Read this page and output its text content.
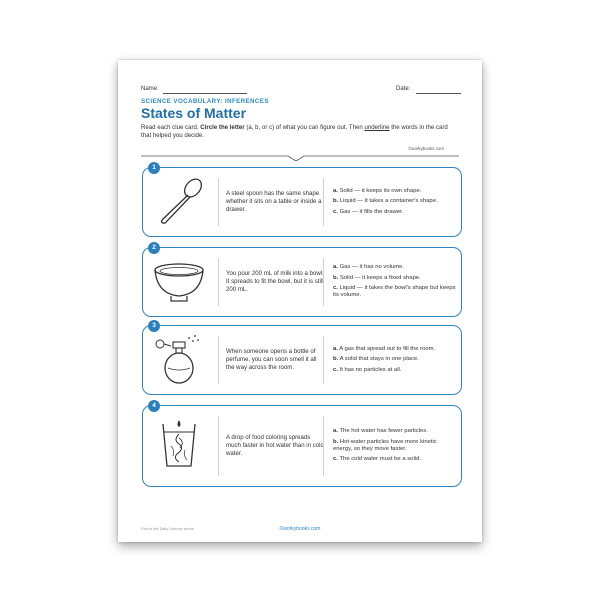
Name:	Date:
SCIENCE VOCABULARY: INFERENCES
States of Matter
Read each clue card. Circle the letter (a, b, or c) of what you can figure out. Then underline the words in the card that helped you decide.
©workybooks.com
A steel spoon has the same shape whether it sits on a table or inside a drawer.
a. Solid — it keeps its own shape.
b. Liquid — it takes a container's shape.
c. Gas — it fills the drawer.
1
You pour 200 mL of milk into a bowl. It spreads to fit the bowl, but it is still 200 mL.
a. Gas — it has no volume.
b. Solid — it keeps a fixed shape.
c. Liquid — it takes the bowl's shape but keeps its volume.
2
When someone opens a bottle of perfume, you can soon smell it all the way across the room.
a. A gas that spread out to fill the room.
b. A solid that stays in one place.
c. It has no particles at all.
3
A drop of food coloring spreads much faster in hot water than in cold water.
a. The hot water has fewer particles.
b. Hot-water particles have more kinetic energy, so they move faster.
c. The cold water must be a solid.
4
Part of the Daily Science series	©workybooks.com
